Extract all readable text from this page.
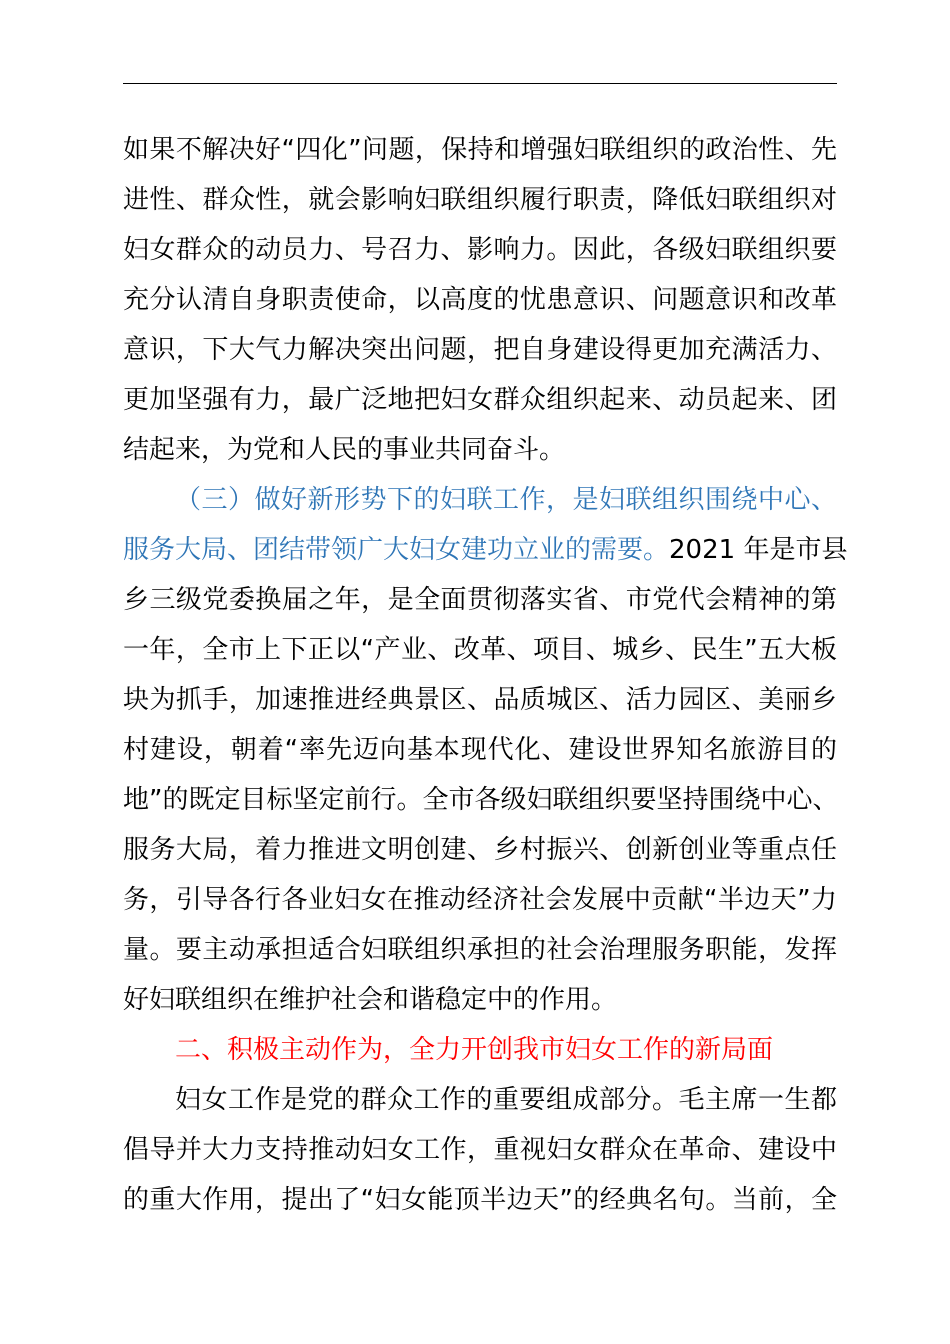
如果不解决好“四化”问题，保持和增强妇联组织的政治性、先
进性、群众性，就会影响妇联组织履行职责，降低妇联组织对
妇女群众的动员力、号召力、影响力。因此，各级妇联组织要
充分认清自身职责使命，以高度的忧患意识、问题意识和改革
意识，下大气力解决突出问题，把自身建设得更加充满活力、
更加坚强有力，最广泛地把妇女群众组织起来、动员起来、团
结起来，为党和人民的事业共同奋斗。
（三）做好新形势下的妇联工作，是妇联组织围绕中心、
服务大局、团结带领广大妇女建功立业的需要。2021 年是市县
乡三级党委换届之年，是全面贯彻落实省、市党代会精神的第
一年，全市上下正以“产业、改革、项目、城乡、民生”五大板
块为抓手，加速推进经典景区、品质城区、活力园区、美丽乡
村建设，朝着“率先迈向基本现代化、建设世界知名旅游目的
地”的既定目标坚定前行。全市各级妇联组织要坚持围绕中心、
服务大局，着力推进文明创建、乡村振兴、创新创业等重点任
务，引导各行各业妇女在推动经济社会发展中贡献“半边天”力
量。要主动承担适合妇联组织承担的社会治理服务职能，发挥
好妇联组织在维护社会和谐稳定中的作用。
二、积极主动作为，全力开创我市妇女工作的新局面
妇女工作是党的群众工作的重要组成部分。毛主席一生都
倡导并大力支持推动妇女工作，重视妇女群众在革命、建设中
的重大作用，提出了“妇女能顶半边天”的经典名句。当前，全
